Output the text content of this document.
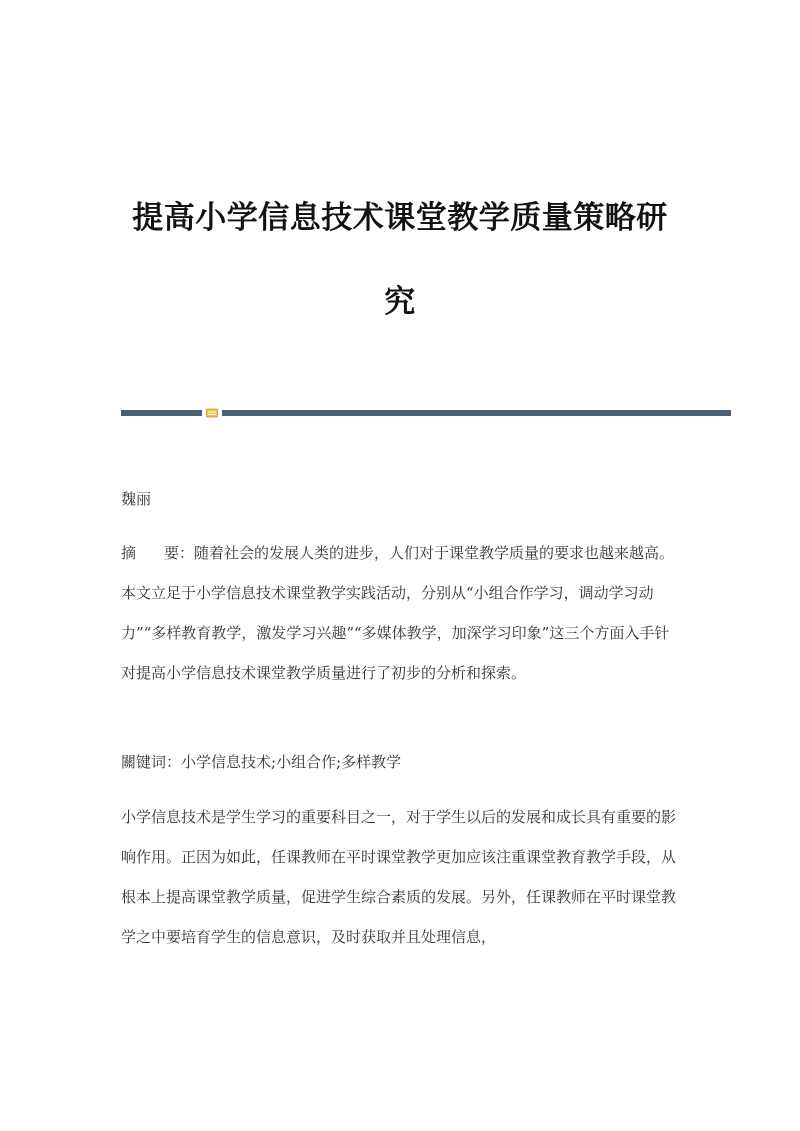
提高小学信息技术课堂教学质量策略研
究

魏丽

摘 要：随着社会的发展人类的进步，人们对于课堂教学质量的要求也越来越高。本文立足于小学信息技术课堂教学实践活动，分别从“小组合作学习，调动学习动力”“多样教育教学，激发学习兴趣”“多媒体教学，加深学习印象”这三个方面入手针对提高小学信息技术课堂教学质量进行了初步的分析和探索。

關键词：小学信息技术;小组合作;多样教学

小学信息技术是学生学习的重要科目之一，对于学生以后的发展和成长具有重要的影响作用。正因为如此，任课教师在平时课堂教学更加应该注重课堂教育教学手段，从根本上提高课堂教学质量，促进学生综合素质的发展。另外，任课教师在平时课堂教学之中要培育学生的信息意识，及时获取并且处理信息，
